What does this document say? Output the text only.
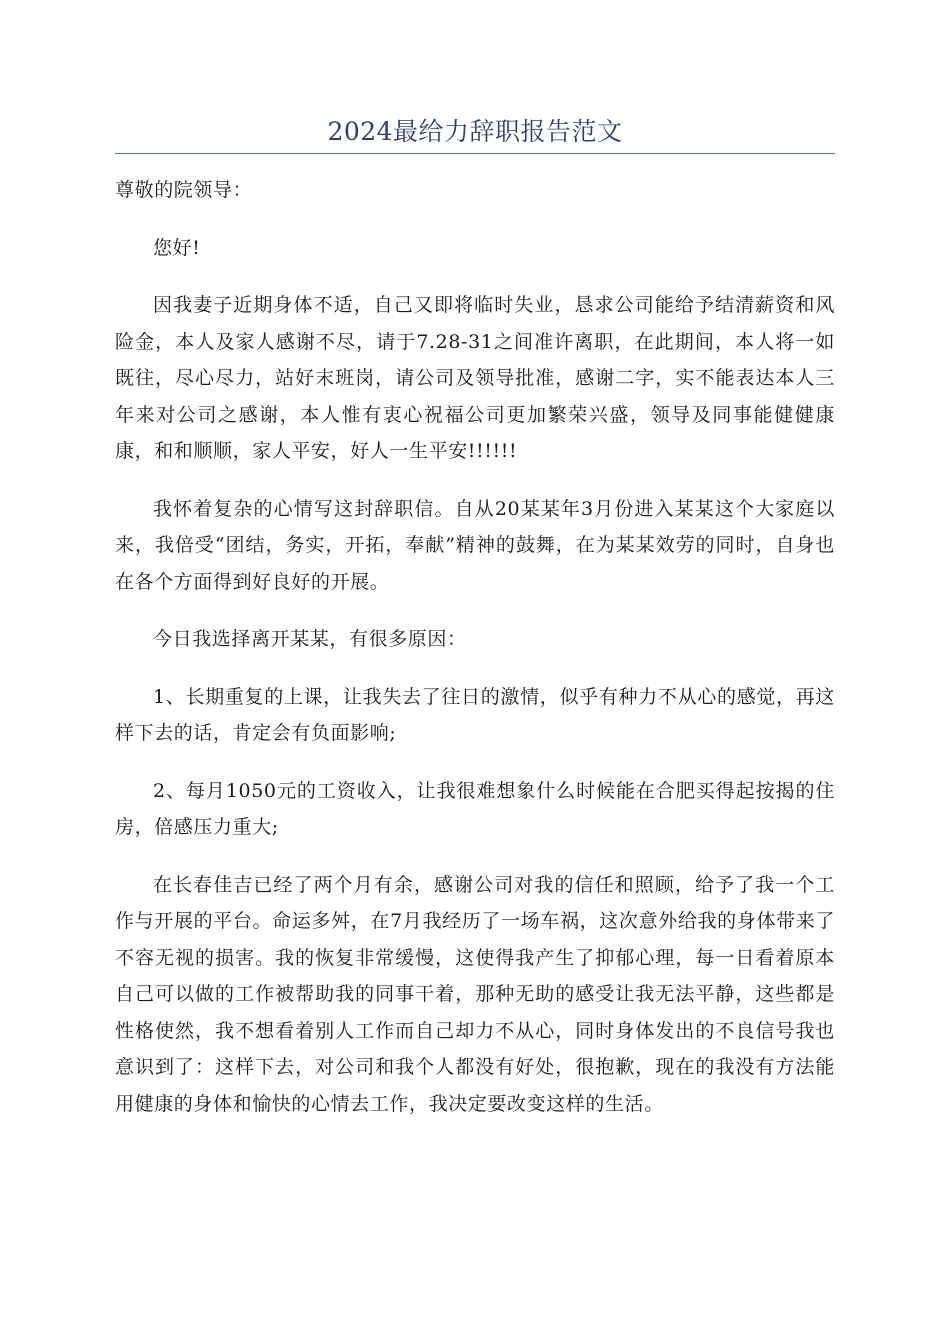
2024最给力辞职报告范文

尊敬的院领导：

您好!

因我妻子近期身体不适，自己又即将临时失业，恳求公司能给予结清薪资和风险金，本人及家人感谢不尽，请于7.28-31之间准许离职，在此期间，本人将一如既往，尽心尽力，站好末班岗，请公司及领导批准，感谢二字，实不能表达本人三年来对公司之感谢，本人惟有衷心祝福公司更加繁荣兴盛，领导及同事能健健康康，和和顺顺，家人平安，好人一生平安!!!!!!

我怀着复杂的心情写这封辞职信。自从20某某年3月份进入某某这个大家庭以来，我倍受“团结，务实，开拓，奉献”精神的鼓舞，在为某某效劳的同时，自身也在各个方面得到好良好的开展。

今日我选择离开某某，有很多原因：

1、长期重复的上课，让我失去了往日的激情，似乎有种力不从心的感觉，再这样下去的话，肯定会有负面影响;

2、每月1050元的工资收入，让我很难想象什么时候能在合肥买得起按揭的住房，倍感压力重大;

在长春佳吉已经了两个月有余，感谢公司对我的信任和照顾，给予了我一个工作与开展的平台。命运多舛，在7月我经历了一场车祸，这次意外给我的身体带来了不容无视的损害。我的恢复非常缓慢，这使得我产生了抑郁心理，每一日看着原本自己可以做的工作被帮助我的同事干着，那种无助的感受让我无法平静，这些都是性格使然，我不想看着别人工作而自己却力不从心，同时身体发出的不良信号我也意识到了：这样下去，对公司和我个人都没有好处，很抱歉，现在的我没有方法能用健康的身体和愉快的心情去工作，我决定要改变这样的生活。
